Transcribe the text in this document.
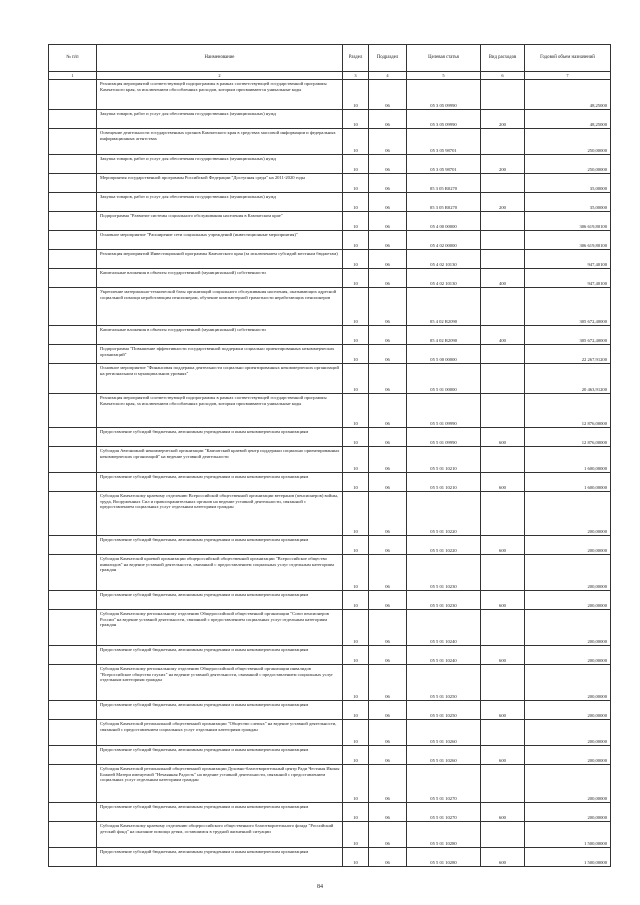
№ п/п	Наименование	Раздел	Подраздел	Целевая статья	Вид расходов	Годовой объем назначений
1	2	3	4	5	6	7
	Реализация мероприятий соответствующей подпрограммы в рамках соответствующей государственной программы Камчатского края, за исключением обособленных расходов, которым присваиваются уникальные коды	10	06	05 3 05 09990		48,25000
	Закупка товаров, работ и услуг для обеспечения государственных (муниципальных) нужд	10	06	05 3 05 09990	200	48,25000
	Освещение деятельности государственных органов Камчатского края в средствах массовой информации и федеральных информационных агентствах	10	06	05 3 05 98701		250,00000
	Закупка товаров, работ и услуг для обеспечения государственных (муниципальных) нужд	10	06	05 3 05 98701	200	250,00000
	Мероприятия государственной программы Российской Федерации "Доступная среда" на 2011-2020 годы	10	06	05 3 05 R0270		35,00000
	Закупка товаров, работ и услуг для обеспечения государственных (муниципальных) нужд	10	06	05 3 05 R0270	200	35,00000
	Подпрограмма "Развитие системы социального обслуживания населения в Камчатском крае"	10	06	05 4 00 00000		306 619,80100
	Основное мероприятие "Расширение сети социальных учреждений (инвестиционные мероприятия)"	10	06	05 4 02 00000		306 619,80100
	Реализация мероприятий Инвестиционной программы Камчатского края (за исключением субсидий местным бюджетам)	10	06	05 4 02 10130		947,40100
	Капитальные вложения в объекты государственной (муниципальной) собственности	10	06	05 4 02 10130	400	947,40100
	Укрепление материально-технической базы организаций социального обслуживания населения, оказывающих адресной социальной помощи неработающим пенсионерам, обучение компьютерной грамотности неработающих пенсионеров	10	06	05 4 02 R2090		305 672,40000
	Капитальные вложения в объекты государственной (муниципальной) собственности	10	06	05 4 02 R2090	400	305 672,40000
	Подпрограмма "Повышение эффективности государственной поддержки социально ориентированных некоммерческих организаций"	10	06	05 5 00 00000		22 267,91200
	Основное мероприятие "Финансовая поддержка деятельности социально ориентированных некоммерческих организаций на региональном и муниципальном уровнях"	10	06	05 5 01 00000		20 463,91200
	Реализация мероприятий соответствующей подпрограммы в рамках соответствующей государственной программы Камчатского края, за исключением обособленных расходов, которым присваиваются уникальные коды	10	06	05 5 01 09990		12 876,00000
	Предоставление субсидий бюджетным, автономным учреждениям и иным некоммерческим организациям	10	06	05 5 01 09990	600	12 876,00000
	Субсидия Автономной некоммерческой организации "Камчатский краевой центр поддержки социально ориентированных некоммерческих организаций" на ведение уставной деятельности	10	06	05 5 01 10210		1 600,00000
	Предоставление субсидий бюджетным, автономным учреждениям и иным некоммерческим организациям	10	06	05 5 01 10210	600	1 600,00000
	Субсидия Камчатскому краевому отделению Всероссийской общественной организации ветеранов (пенсионеров) войны, труда, Вооруженных Сил и правоохранительных органов на ведение уставной деятельности, связанной с предоставлением социальных услуг отдельным категориям граждан	10	06	05 5 01 10220		200,00000
	Предоставление субсидий бюджетным, автономным учреждениям и иным некоммерческим организациям	10	06	05 5 01 10220	600	200,00000
	Субсидия Камчатской краевой организации общероссийской общественной организации "Всероссийское общество инвалидов" на ведение уставной деятельности, связанной с предоставлением социальных услуг отдельным категориям граждан	10	06	05 5 01 10230		200,00000
	Предоставление субсидий бюджетным, автономным учреждениям и иным некоммерческим организациям	10	06	05 5 01 10230	600	200,00000
	Субсидия Камчатскому региональному отделению Общероссийской общественной организации "Союз пенсионеров России" на ведение уставной деятельности, связанной с предоставлением социальных услуг отдельным категориям граждан	10	06	05 5 01 10240		200,00000
	Предоставление субсидий бюджетным, автономным учреждениям и иным некоммерческим организациям	10	06	05 5 01 10240	600	200,00000
	Субсидия Камчатскому региональному отделению Общероссийской общественной организации инвалидов "Всероссийское общество глухих" на ведение уставной деятельности, связанной с предоставлением социальных услуг отдельным категориям граждан	10	06	05 5 01 10250		200,00000
	Предоставление субсидий бюджетным, автономным учреждениям и иным некоммерческим организациям	10	06	05 5 01 10250	600	200,00000
	Субсидия Камчатской региональной общественной организации "Общество слепых" на ведение уставной деятельности, связанной с предоставлением социальных услуг отдельным категориям граждан	10	06	05 5 01 10260		200,00000
	Предоставление субсидий бюджетным, автономным учреждениям и иным некоммерческим организациям	10	06	05 5 01 10260	600	200,00000
	Субсидия Камчатской региональной общественной организации Духовно-благотворительный центр Ради Честныя Иконы Божией Матери именуемой "Нечаянная Радость" на ведение уставной деятельности, связанной с предоставлением социальных услуг отдельным категориям граждан	10	06	05 5 01 10270		200,00000
	Предоставление субсидий бюджетным, автономным учреждениям и иным некоммерческим организациям	10	06	05 5 01 10270	600	200,00000
	Субсидия Камчатскому краевому отделению общероссийского общественного благотворительного фонда "Российский детский фонд" на оказание помощи детям, оставшимся в трудной жизненной ситуации	10	06	05 5 01 10280		1 500,00000
	Предоставление субсидий бюджетным, автономным учреждениям и иным некоммерческим организациям	10	06	05 5 01 10280	600	1 500,00000
84
